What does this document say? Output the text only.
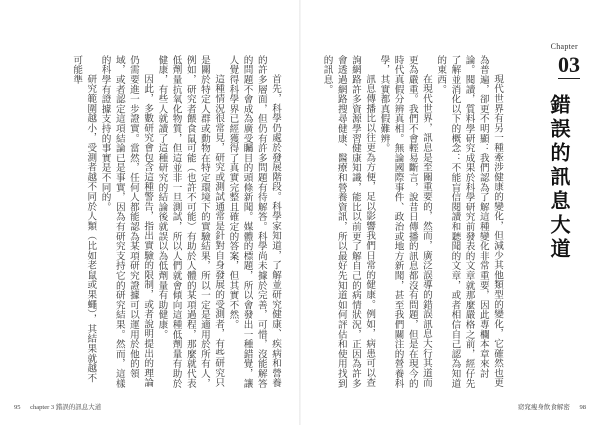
首先，科學仍處於發展階段。科學家知道，了解並研究健康、疾病和營養的許多層面，但仍有許多問題有待解答。科學尚未據於完善，可惜，沒能解答的問題不會成為廣受矚目的頭條新聞。媒體的標題，所以會發出一種錯覺，讓人覺得科學界已經獲得了真實完整且確定的答案，但其實不然。

這種情況很常見，研究或測試通常是針對自身發展的受測者，有些研究只是關於特定人群或動物在特定環境下的實驗結果，所以一定是適用於所有人，例如，研究者餵食鼠可能（也許不可能）有助於人體的某項過程，那麼就代表低劑量抗氧化物質，但這並非一旦測試，所以人們就會傾向這種低劑量有助於健康，有些人就讀了這種研究的結論後就誤以為低劑量有助健康。

因此，多數研究會包含這種警告，指出實驗的限制，或者說明提出的理論仍需要進一步證實。當然，任何人都能認為某項研究證據可以運用於他的領域，或者認定這項結論已是事實，因為有研究支持它的研究結果。然而，這樣的科學有證據支持的事實是不同的。

研究範圍越小，受測者越不同於人類（比如老鼠或果蠅），其結果就越不可能準

95 chapter 3 錯誤的訊息大道

現代世界有另一種牽涉健康的變化，但減少其他類型的變化，它確然也更為普遍，卻更不明顯：我們認為了解這種變化非常重要，因此專欄本章來討論。閱讀，質料學研究成果於科學研究前發表的文章就那麼嚴格之前，經仔先了解並消化以下的概念：不能盲信閱讀和聽聞的文章，或者相信自己認為知道的東西。

在現代世界，訊息是至關重要的，然而，廣泛誤導的錯誤訊息大行其道而更為嚴重。我們不會輕易斷言，說昔日傳播的訊息都沒有問題，但是在現今的時代真假分辨真相。無論國際事件、政治或地方新聞，甚至我們關注的營養科學，其實都真假難辨。

訊息傳播比以往更為方便，足以影響我們日常的健康。例如，病患可以查詢網路許多資源學習健康知識，能比以前更了解自己的病情狀況，正因為許多會透過網路搜尋健康、醫療和營養資訊，所以最好先知道如何評估和使用找到的訊息。

Chapter
03
錯誤的訊息大道
窈窕瘦身飲食解密 98
